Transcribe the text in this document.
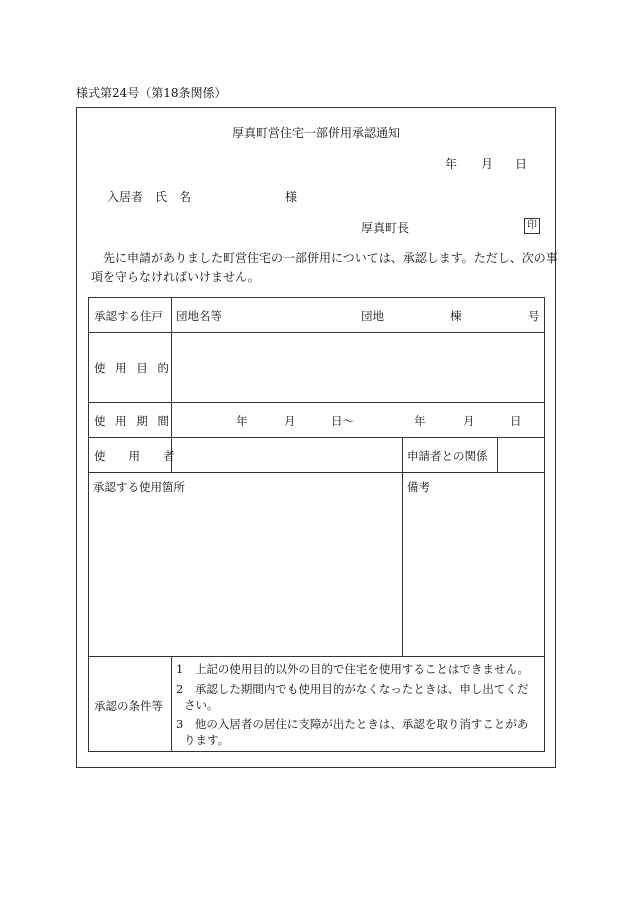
様式第24号（第18条関係）
厚真町営住宅一部併用承認通知
年 月 日
入居者　氏　名	様
厚真町長	印
先に申請がありました町営住宅の一部併用については、承認します。ただし、次の事
項を守らなければいけません。
承認する住戸 団地名等	団地	棟	号
使 用 目 的
使 用 期 間	年	月	日〜	年	月	日
使　　用　　者	申請者との関係
承認する使用箇所	備考
承認の条件等
1　上記の使用目的以外の目的で住宅を使用することはできません。
2　承認した期間内でも使用目的がなくなったときは、申し出てくだ
さい。
3　他の入居者の居住に支障が出たときは、承認を取り消すことがあ
ります。
